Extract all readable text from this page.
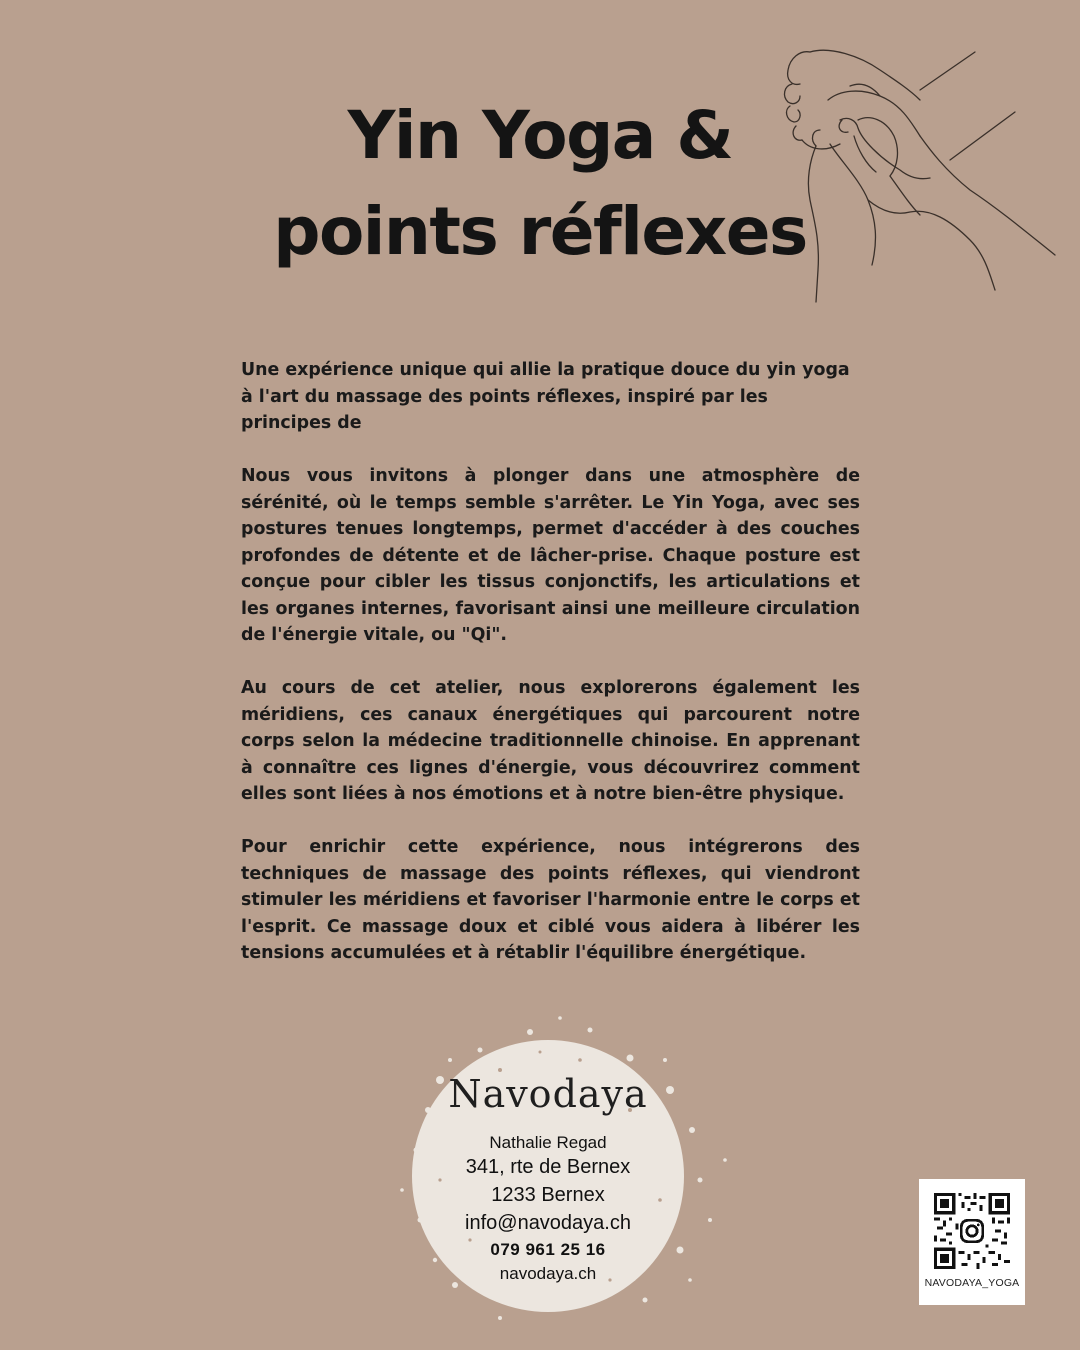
Yin Yoga &
points réflexes

Une expérience unique qui allie la pratique douce du yin yoga à l'art du massage des points réflexes, inspiré par les principes de

Nous vous invitons à plonger dans une atmosphère de sérénité, où le temps semble s'arrêter. Le Yin Yoga, avec ses postures tenues longtemps, permet d'accéder à des couches profondes de détente et de lâcher-prise. Chaque posture est conçue pour cibler les tissus conjonctifs, les articulations et les organes internes, favorisant ainsi une meilleure circulation de l'énergie vitale, ou "Qi".

Au cours de cet atelier, nous explorerons également les méridiens, ces canaux énergétiques qui parcourent notre corps selon la médecine traditionnelle chinoise. En apprenant à connaître ces lignes d'énergie, vous découvrirez comment elles sont liées à nos émotions et à notre bien-être physique.

Pour enrichir cette expérience, nous intégrerons des techniques de massage des points réflexes, qui viendront stimuler les méridiens et favoriser l'harmonie entre le corps et l'esprit. Ce massage doux et ciblé vous aidera à libérer les tensions accumulées et à rétablir l'équilibre énergétique.

Navodaya
Nathalie Regad
341, rte de Bernex
1233 Bernex
info@navodaya.ch
079 961 25 16
navodaya.ch	NAVODAYA_YOGA
